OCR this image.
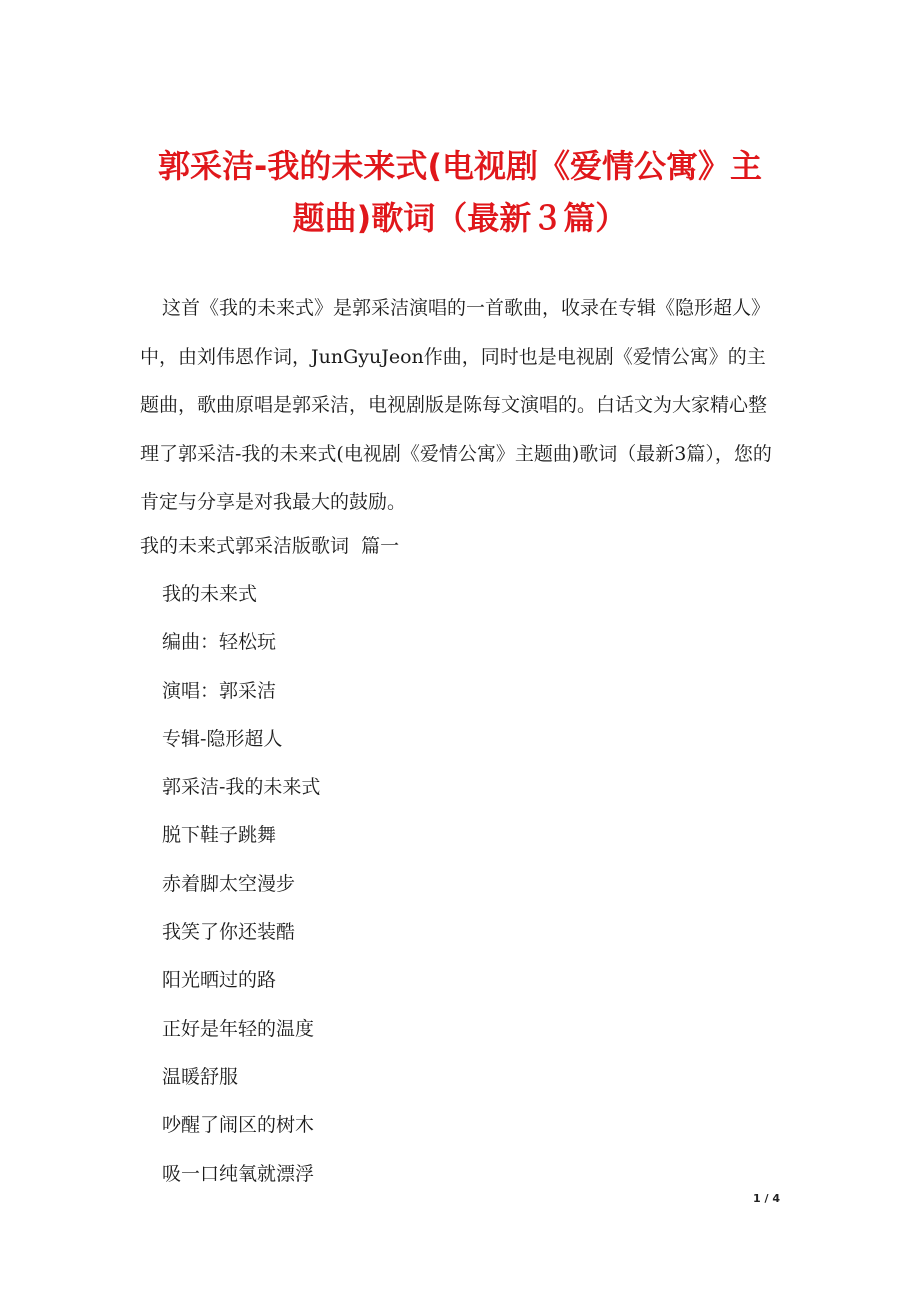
郭采洁-我的未来式(电视剧《爱情公寓》主
题曲)歌词（最新３篇）

这首《我的未来式》是郭采洁演唱的一首歌曲，收录在专辑《隐形超人》中，由刘伟恩作词，JunGyuJeon作曲，同时也是电视剧《爱情公寓》的主题曲，歌曲原唱是郭采洁，电视剧版是陈每文演唱的。白话文为大家精心整理了郭采洁-我的未来式(电视剧《爱情公寓》主题曲)歌词（最新3篇），您的肯定与分享是对我最大的鼓励。

我的未来式郭采洁版歌词  篇一

我的未来式
编曲：轻松玩
演唱：郭采洁
专辑-隐形超人
郭采洁-我的未来式
脱下鞋子跳舞
赤着脚太空漫步
我笑了你还装酷
阳光晒过的路
正好是年轻的温度
温暖舒服
吵醒了闹区的树木
吸一口纯氧就漂浮
1 / 4
